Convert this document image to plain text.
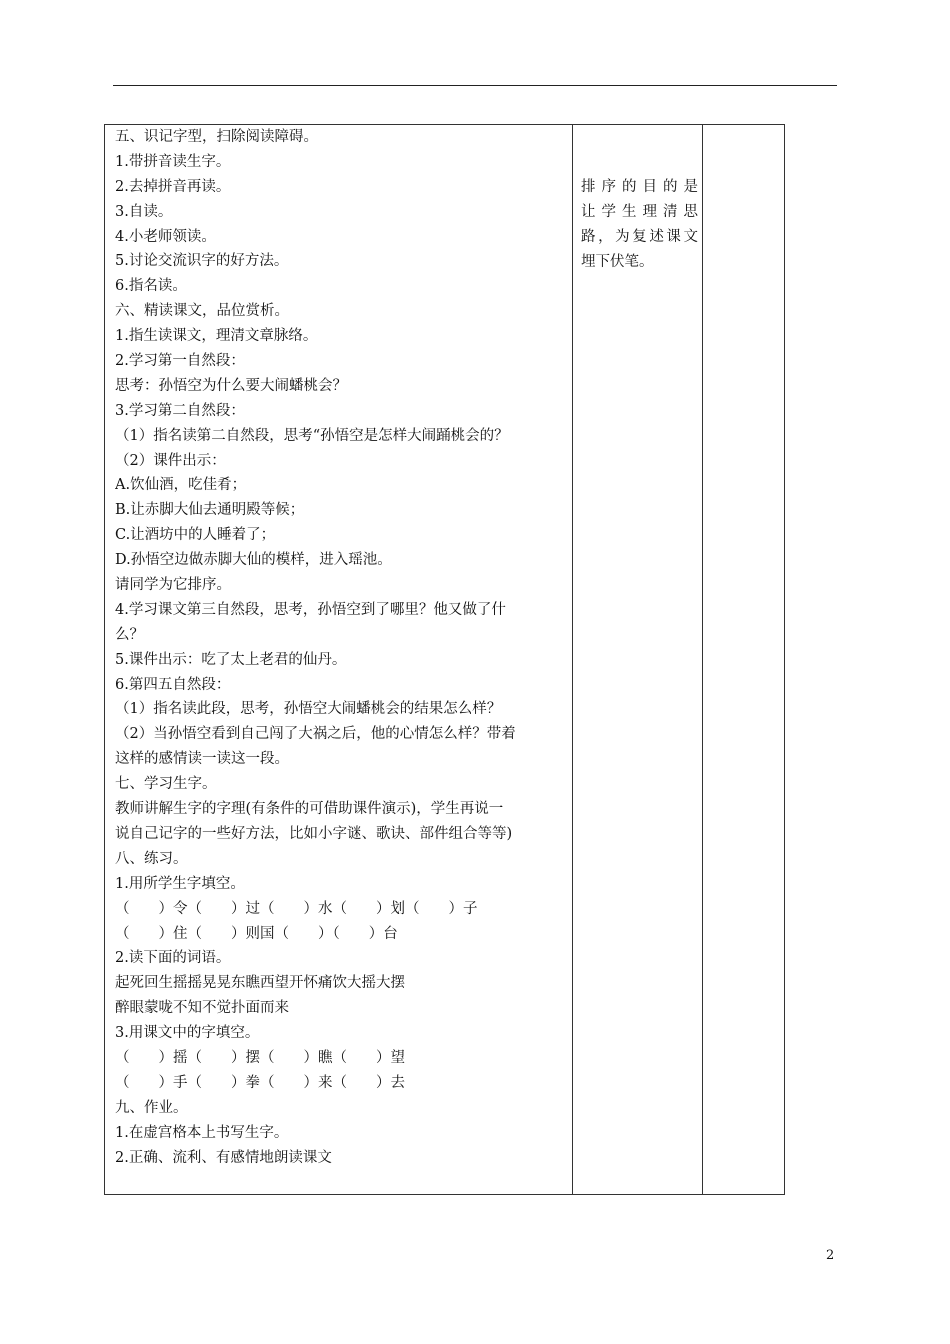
五、识记字型，扫除阅读障碍。
1.带拼音读生字。
2.去掉拼音再读。
3.自读。
4.小老师领读。
5.讨论交流识字的好方法。
6.指名读。
六、精读课文，品位赏析。
1.指生读课文，理清文章脉络。
2.学习第一自然段：
思考：孙悟空为什么要大闹蟠桃会？
3.学习第二自然段：
（1）指名读第二自然段，思考“孙悟空是怎样大闹踊桃会的？
（2）课件出示：
A.饮仙酒，吃佳肴；
B.让赤脚大仙去通明殿等候；
C.让酒坊中的人睡着了；
D.孙悟空边做赤脚大仙的模样，进入瑶池。
请同学为它排序。
4.学习课文第三自然段，思考，孙悟空到了哪里？他又做了什
么？
5.课件出示：吃了太上老君的仙丹。
6.第四五自然段：
（1）指名读此段，思考，孙悟空大闹蟠桃会的结果怎么样？
（2）当孙悟空看到自己闯了大祸之后，他的心情怎么样？带着
这样的感情读一读这一段。
七、学习生字。
教师讲解生字的字理(有条件的可借助课件演示)，学生再说一
说自己记字的一些好方法，比如小字谜、歌诀、部件组合等等)
八、练习。
1.用所学生字填空。
（　　）令（　　）过（　　）水（　　）划（　　）子
（　　）住（　　）则国（　　）（　　）台
2.读下面的词语。
起死回生摇摇晃晃东瞧西望开怀痛饮大摇大摆
醉眼蒙咙不知不觉扑面而来
3.用课文中的字填空。
（　　）摇（　　）摆（　　）瞧（　　）望
（　　）手（　　）拳（　　）来（　　）去
九、作业。
1.在虚宫格本上书写生字。
2.正确、流利、有感情地朗读课文
排序的目的是
让学生理清思
路，为复述课文
埋下伏笔。
2
